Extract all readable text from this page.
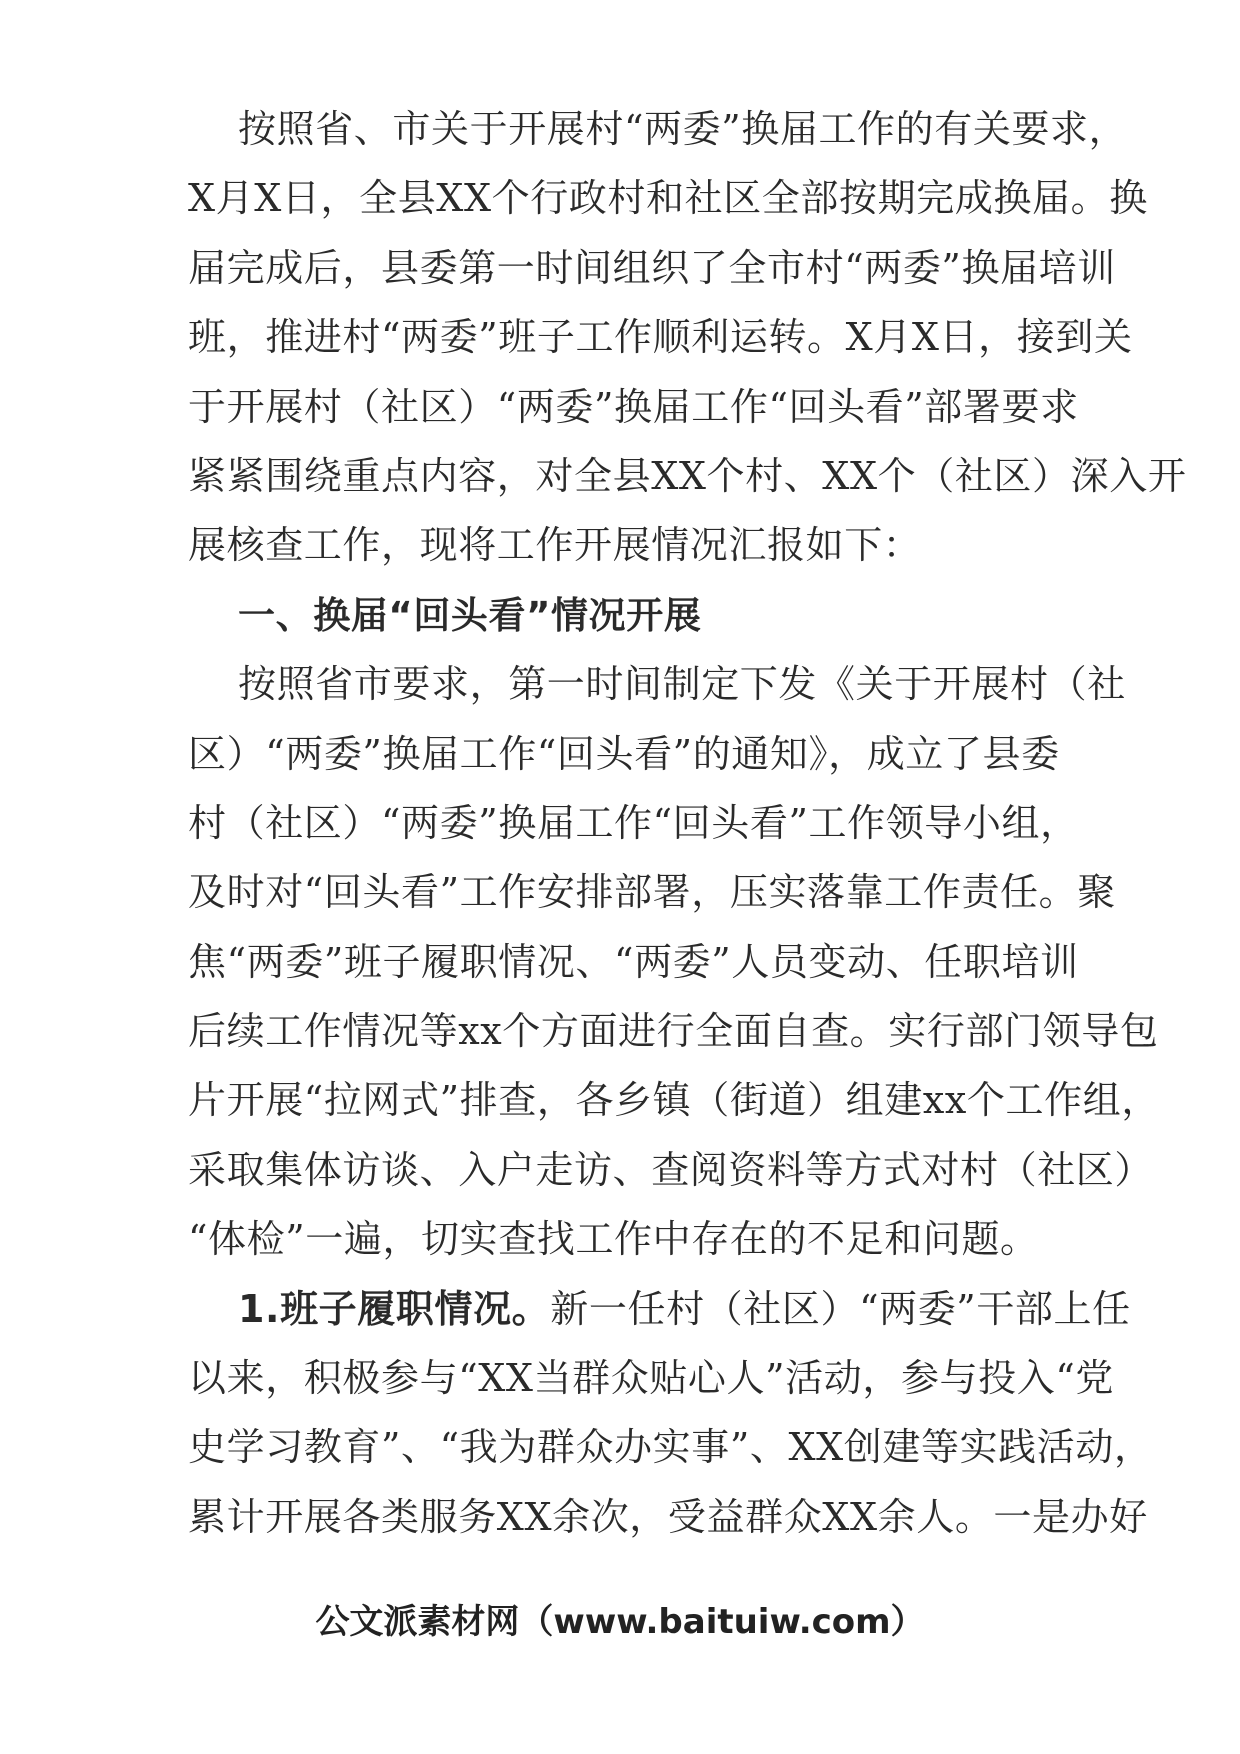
按照省、市关于开展村“两委”换届工作的有关要求，
X月X日，全县XX个行政村和社区全部按期完成换届。换
届完成后，县委第一时间组织了全市村“两委”换届培训
班，推进村“两委”班子工作顺利运转。X月X日，接到关
于开展村（社区）“两委”换届工作“回头看”部署要求
紧紧围绕重点内容，对全县XX个村、XX个（社区）深入开
展核查工作，现将工作开展情况汇报如下：
一、换届“回头看”情况开展
按照省市要求，第一时间制定下发《关于开展村（社
区）“两委”换届工作“回头看”的通知》，成立了县委
村（社区）“两委”换届工作“回头看”工作领导小组，
及时对“回头看”工作安排部署，压实落靠工作责任。聚
焦“两委”班子履职情况、“两委”人员变动、任职培训
后续工作情况等xx个方面进行全面自查。实行部门领导包
片开展“拉网式”排查，各乡镇（街道）组建xx个工作组，
采取集体访谈、入户走访、查阅资料等方式对村（社区）
“体检”一遍，切实查找工作中存在的不足和问题。
1.班子履职情况。新一任村（社区）“两委”干部上任
以来，积极参与“XX当群众贴心人”活动，参与投入“党
史学习教育”、“我为群众办实事”、XX创建等实践活动，
累计开展各类服务XX余次，受益群众XX余人。一是办好
公文派素材网（www.baituiw.com）
